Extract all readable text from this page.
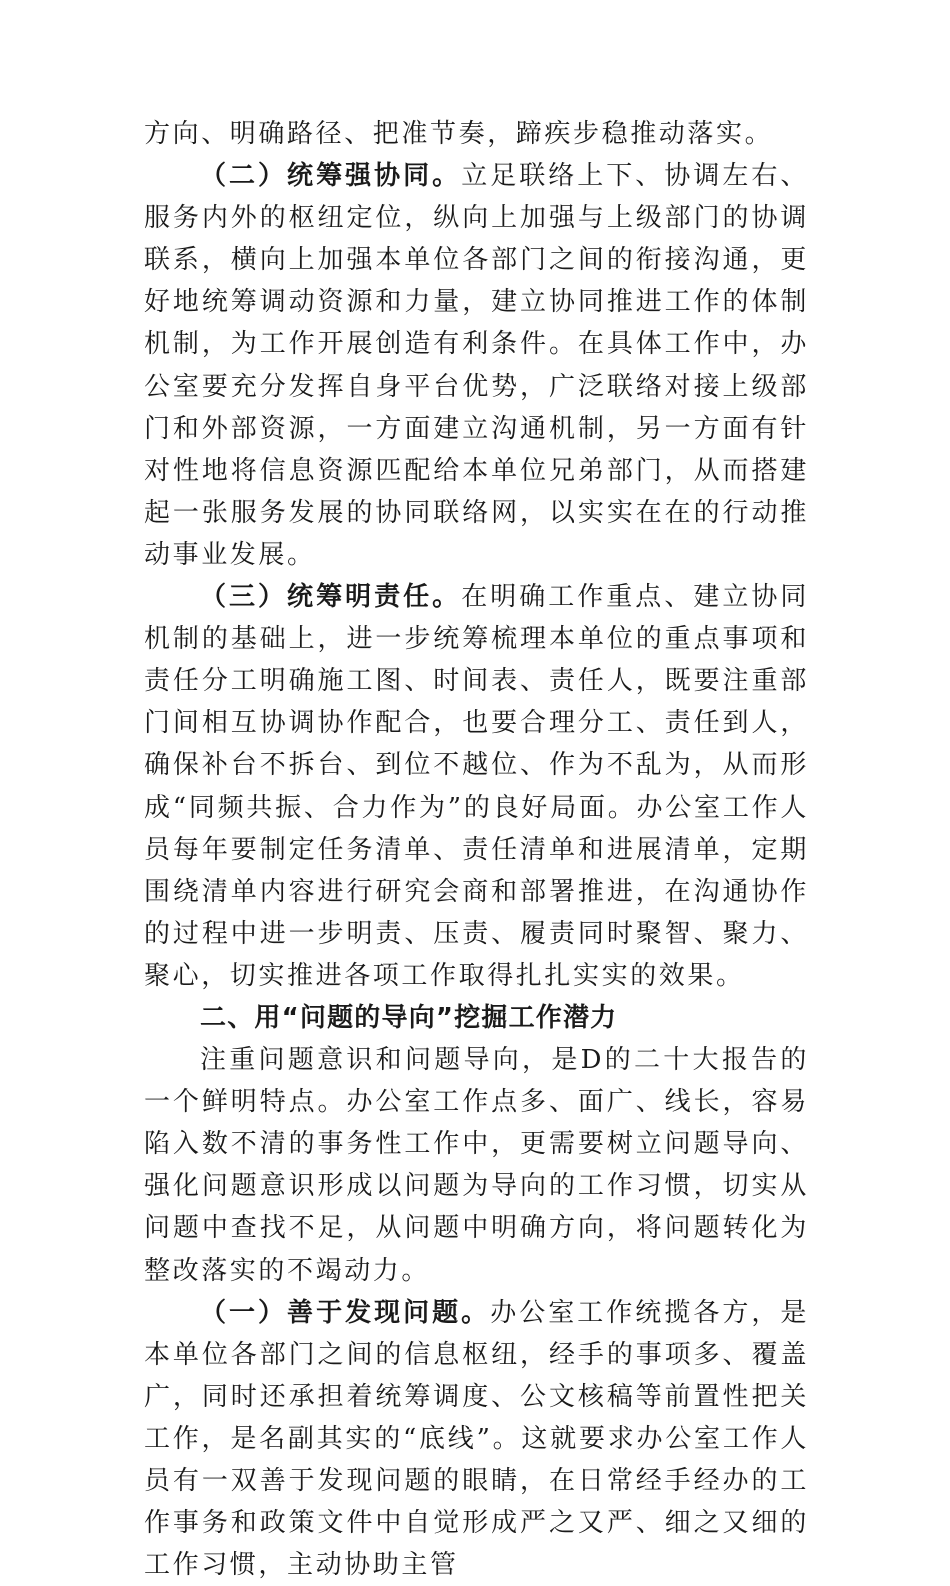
方向、明确路径、把准节奏，蹄疾步稳推动落实。

（二）统筹强协同。立足联络上下、协调左右、服务内外的枢纽定位，纵向上加强与上级部门的协调联系，横向上加强本单位各部门之间的衔接沟通，更好地统筹调动资源和力量，建立协同推进工作的体制机制，为工作开展创造有利条件。在具体工作中，办公室要充分发挥自身平台优势，广泛联络对接上级部门和外部资源，一方面建立沟通机制，另一方面有针对性地将信息资源匹配给本单位兄弟部门，从而搭建起一张服务发展的协同联络网，以实实在在的行动推动事业发展。

（三）统筹明责任。在明确工作重点、建立协同机制的基础上，进一步统筹梳理本单位的重点事项和责任分工明确施工图、时间表、责任人，既要注重部门间相互协调协作配合，也要合理分工、责任到人，确保补台不拆台、到位不越位、作为不乱为，从而形成“同频共振、合力作为”的良好局面。办公室工作人员每年要制定任务清单、责任清单和进展清单，定期围绕清单内容进行研究会商和部署推进，在沟通协作的过程中进一步明责、压责、履责同时聚智、聚力、聚心，切实推进各项工作取得扎扎实实的效果。

二、用“问题的导向”挖掘工作潜力

注重问题意识和问题导向，是D的二十大报告的一个鲜明特点。办公室工作点多、面广、线长，容易陷入数不清的事务性工作中，更需要树立问题导向、强化问题意识形成以问题为导向的工作习惯，切实从问题中查找不足，从问题中明确方向，将问题转化为整改落实的不竭动力。

（一）善于发现问题。办公室工作统揽各方，是本单位各部门之间的信息枢纽，经手的事项多、覆盖广，同时还承担着统筹调度、公文核稿等前置性把关工作，是名副其实的“底线”。这就要求办公室工作人员有一双善于发现问题的眼睛，在日常经手经办的工作事务和政策文件中自觉形成严之又严、细之又细的工作习惯，主动协助主管
